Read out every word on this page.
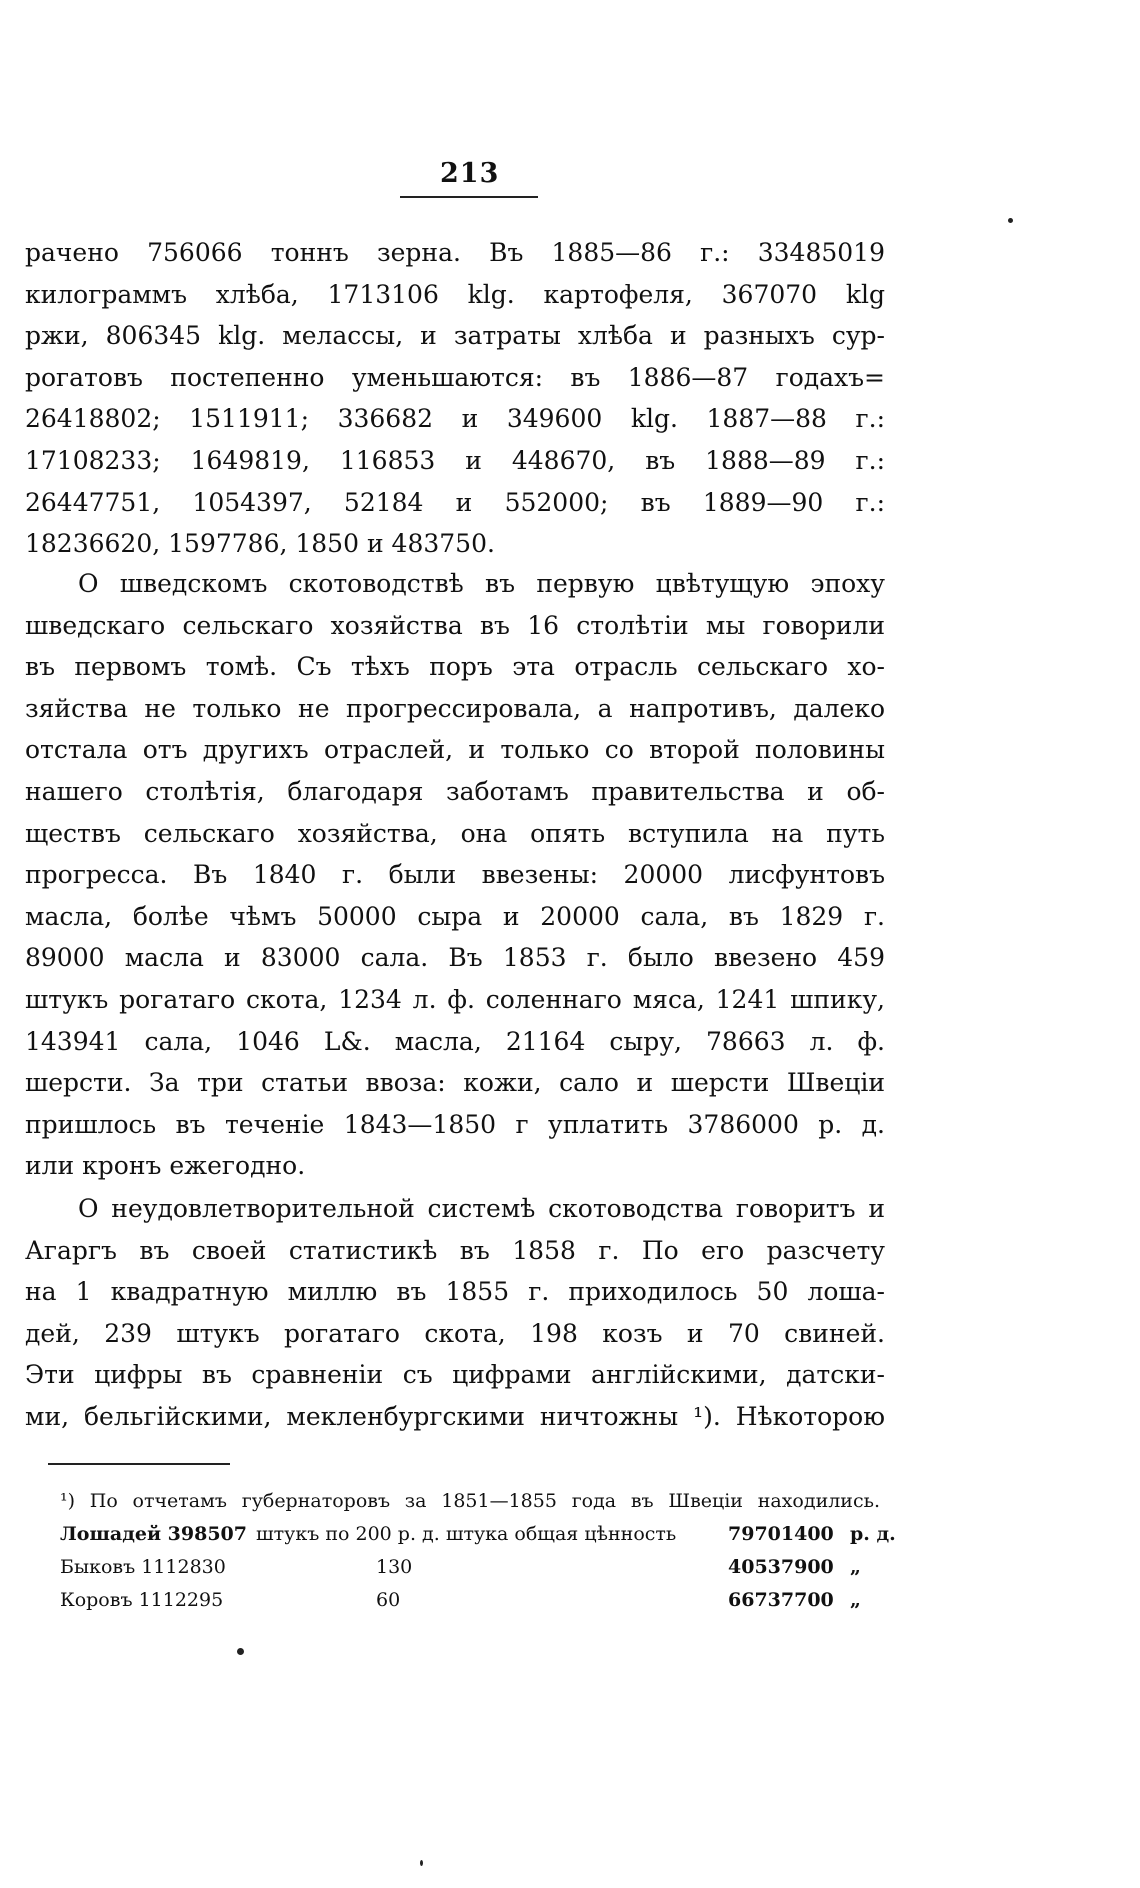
213
рачено 756066 тоннъ зерна. Въ 1885—86 г.: 33485019
килограммъ хлѣба, 1713106 klg. картофеля, 367070 klg
ржи, 806345 klg. мелассы, и затраты хлѣба и разныхъ сур-
рогатовъ постепенно уменьшаются: въ 1886—87 годахъ=
26418802; 1511911; 336682 и 349600 klg. 1887—88 г.:
17108233; 1649819, 116853 и 448670, въ 1888—89 г.:
26447751, 1054397, 52184 и 552000; въ 1889—90 г.:
18236620, 1597786, 1850 и 483750.
О шведскомъ скотоводствѣ въ первую цвѣтущую эпоху
шведскаго сельскаго хозяйства въ 16 столѣтiи мы говорили
въ первомъ томѣ. Съ тѣхъ поръ эта отрасль сельскаго хо-
зяйства не только не прогрессировала, а напротивъ, далеко
отстала отъ другихъ отраслей, и только со второй половины
нашего столѣтiя, благодаря заботамъ правительства и об-
ществъ сельскаго хозяйства, она опять вступила на путь
прогресса. Въ 1840 г. были ввезены: 20000 лисфунтовъ
масла, болѣе чѣмъ 50000 сыра и 20000 сала, въ 1829 г.
89000 масла и 83000 сала. Въ 1853 г. было ввезено 459
штукъ рогатаго скота, 1234 л. ф. соленнаго мяса, 1241 шпику,
143941 сала, 1046 L&. масла, 21164 сыру, 78663 л. ф.
шерсти. За три статьи ввоза: кожи, сало и шерсти Швецiи
пришлось въ теченiе 1843—1850 г уплатить 3786000 р. д.
или кронъ ежегодно.
О неудовлетворительной системѣ скотоводства говоритъ и
Агаргъ въ своей статистикѣ въ 1858 г. По его разсчету
на 1 квадратную миллю въ 1855 г. приходилось 50 лоша-
дей, 239 штукъ рогатаго скота, 198 козъ и 70 свиней.
Эти цифры въ сравненiи съ цифрами англiйскими, датски-
ми, бельгiйскими, мекленбургскими ничтожны ¹). Нѣкоторою
¹) По отчетамъ губернаторовъ за 1851—1855 года въ Швецiи находились.
Лошадей 398507 штукъ по 200 р. д. штука общая цѣнность	79701400 р. д.
Быковъ 1112830	130	40537900 „
Коровъ 1112295	60	66737700 „
